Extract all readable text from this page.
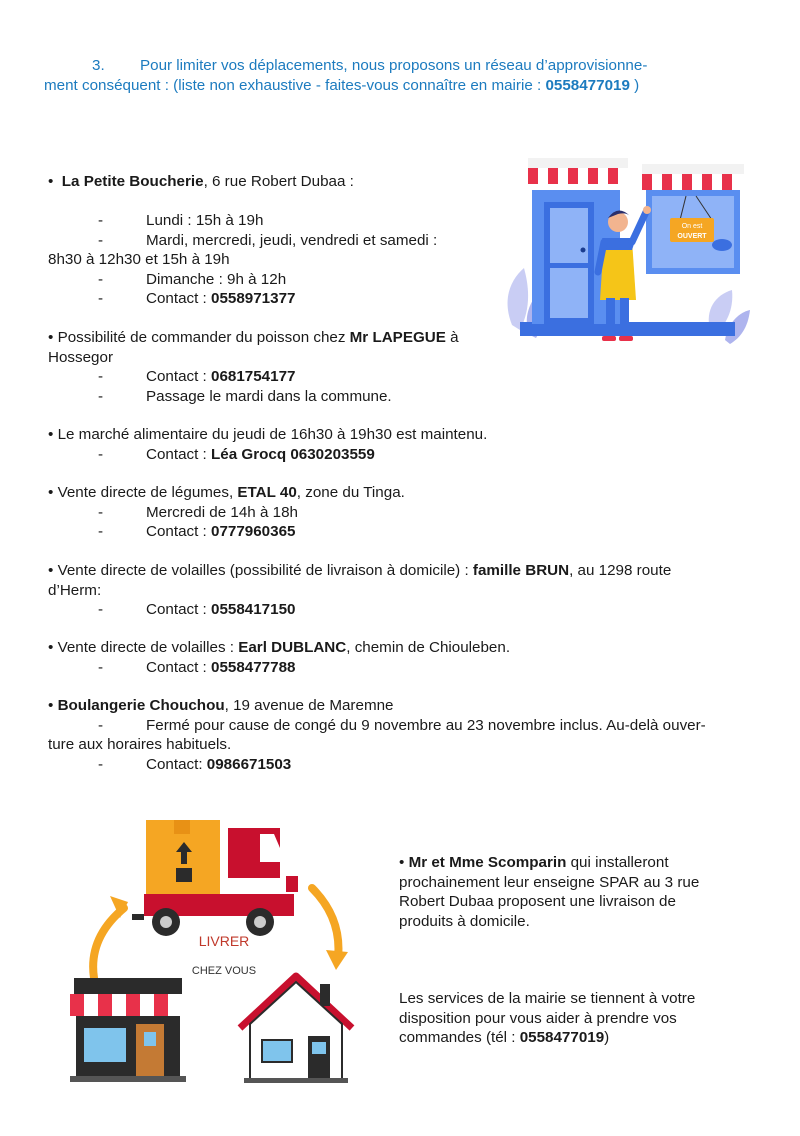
3. Pour limiter vos déplacements, nous proposons un réseau d’approvisionne-
ment conséquent : (liste non exhaustive - faites-vous connaître en mairie : 0558477019 )
• La Petite Boucherie, 6 rue Robert Dubaa :
-	Lundi : 15h à 19h
-	Mardi, mercredi, jeudi, vendredi et samedi :
8h30 à 12h30 et 15h à 19h
-	Dimanche : 9h à 12h
-	Contact : 0558971377
• Possibilité de commander du poisson chez Mr LAPEGUE à
Hossegor
-	Contact : 0681754177
-	Passage le mardi dans la commune.
• Le marché alimentaire du jeudi de 16h30 à 19h30 est maintenu.
-	Contact : Léa Grocq 0630203559
• Vente directe de légumes, ETAL 40, zone du Tinga.
-	Mercredi de 14h à 18h
-	Contact : 0777960365
• Vente directe de volailles (possibilité de livraison à domicile) : famille BRUN, au 1298 route
d’Herm:
-	Contact : 0558417150
• Vente directe de volailles : Earl DUBLANC, chemin de Chiouleben.
-	Contact : 0558477788
• Boulangerie Chouchou, 19 avenue de Maremne
-	Fermé pour cause de congé du 9 novembre au 23 novembre inclus. Au-delà ouver-
ture aux horaires habituels.
-	Contact: 0986671503
• Mr et Mme Scomparin qui installeront prochainement leur enseigne SPAR au 3 rue Robert Dubaa proposent une livraison de produits à domicile.
Les services de la mairie se tiennent à votre disposition pour vous aider à prendre vos commandes (tél : 0558477019)
On est
OUVERT
LIVRER
CHEZ VOUS
